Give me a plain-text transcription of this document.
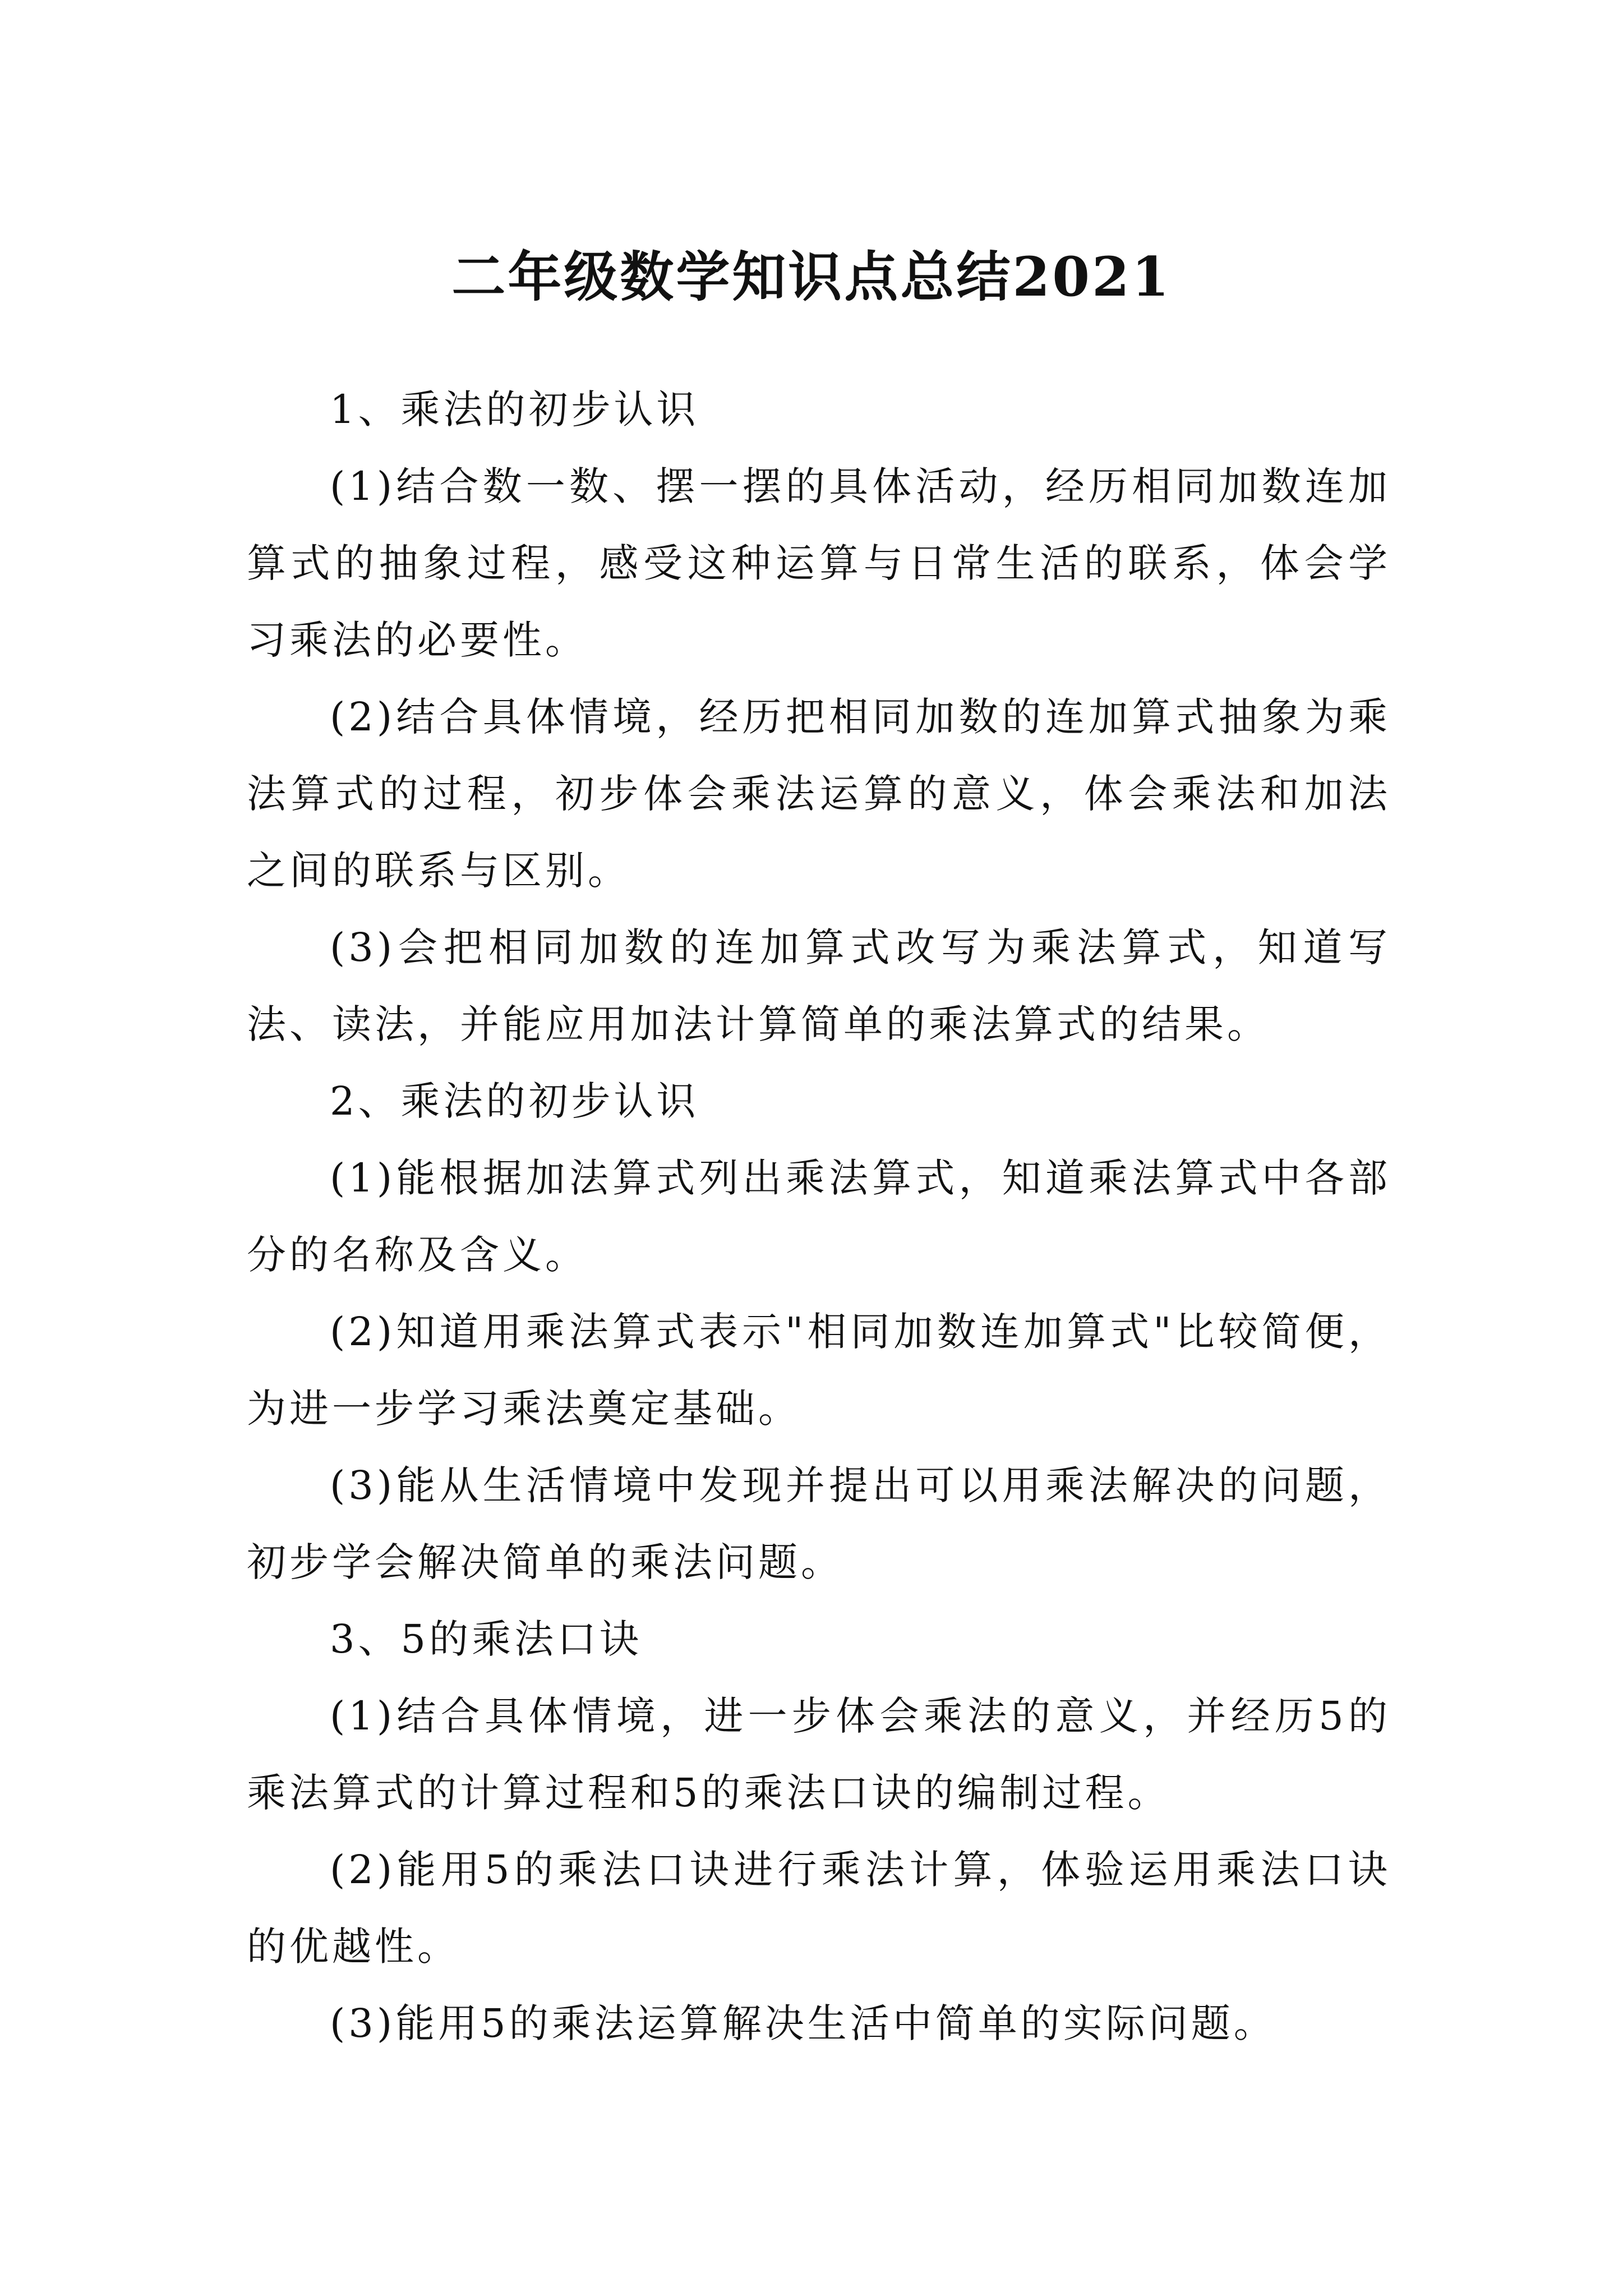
二年级数学知识点总结2021

1、乘法的初步认识

(1)结合数一数、摆一摆的具体活动，经历相同加数连加算式的抽象过程，感受这种运算与日常生活的联系，体会学习乘法的必要性。

(2)结合具体情境，经历把相同加数的连加算式抽象为乘法算式的过程，初步体会乘法运算的意义，体会乘法和加法之间的联系与区别。

(3)会把相同加数的连加算式改写为乘法算式，知道写法、读法，并能应用加法计算简单的乘法算式的结果。

2、乘法的初步认识

(1)能根据加法算式列出乘法算式，知道乘法算式中各部分的名称及含义。

(2)知道用乘法算式表示"相同加数连加算式"比较简便，为进一步学习乘法奠定基础。

(3)能从生活情境中发现并提出可以用乘法解决的问题，初步学会解决简单的乘法问题。

3、5的乘法口诀

(1)结合具体情境，进一步体会乘法的意义，并经历5的乘法算式的计算过程和5的乘法口诀的编制过程。

(2)能用5的乘法口诀进行乘法计算，体验运用乘法口诀的优越性。

(3)能用5的乘法运算解决生活中简单的实际问题。
